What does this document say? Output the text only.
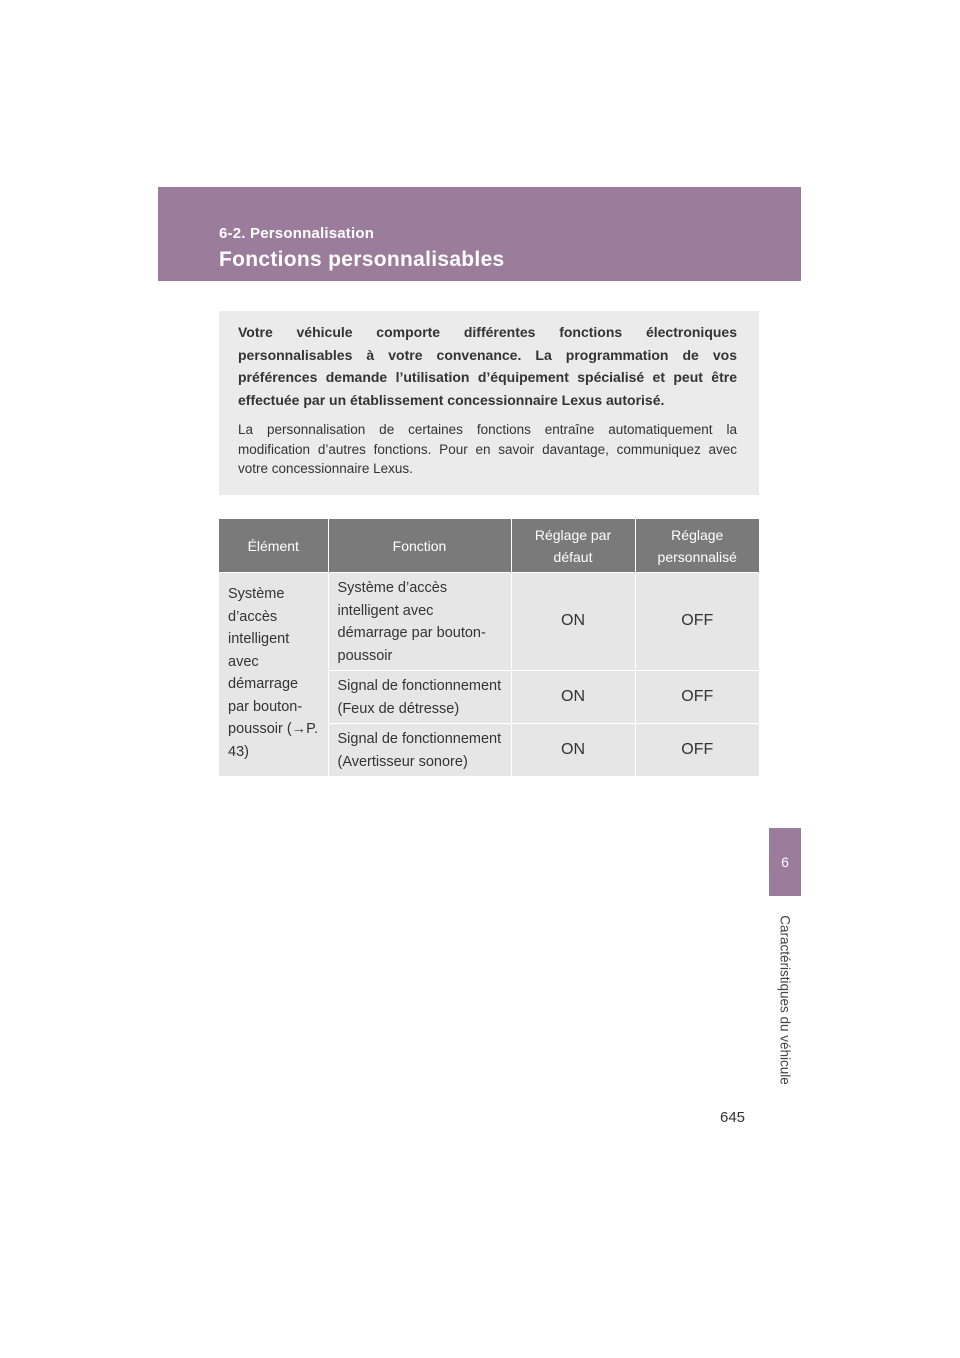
6-2. Personnalisation
Fonctions personnalisables

Votre véhicule comporte différentes fonctions électroniques personnalisables à votre convenance. La programmation de vos préférences demande l’utilisation d’équipement spécialisé et peut être effectuée par un établissement concessionnaire Lexus autorisé.

La personnalisation de certaines fonctions entraîne automatiquement la modification d’autres fonctions. Pour en savoir davantage, communiquez avec votre concessionnaire Lexus.

Élément	Fonction	Réglage par défaut	Réglage personnalisé

Système d’accès intelligent avec démarrage par bouton-poussoir (→P. 43)	Système d’accès intelligent avec démarrage par bouton-poussoir	ON	OFF

	Signal de fonctionnement (Feux de détresse)	ON	OFF

	Signal de fonctionnement (Avertisseur sonore)	ON	OFF
6
Caractéristiques du véhicule
645
